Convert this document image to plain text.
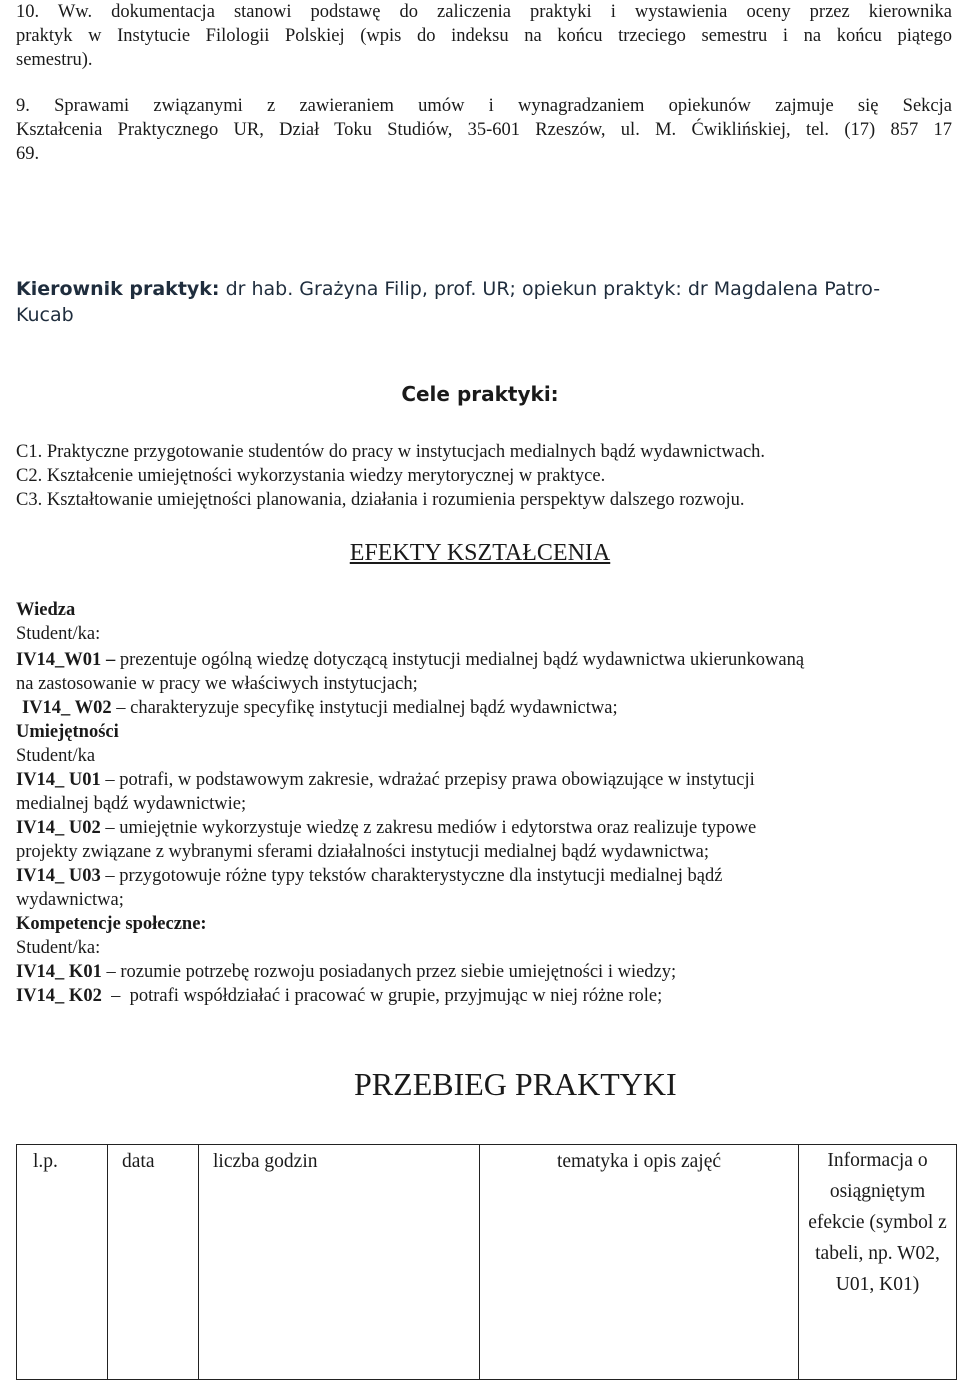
10. Ww. dokumentacja stanowi podstawę do zaliczenia praktyki i wystawienia oceny przez kierownika
praktyk w Instytucie Filologii Polskiej (wpis do indeksu na końcu trzeciego semestru i na końcu piątego
semestru).
9. Sprawami związanymi z zawieraniem umów i wynagradzaniem opiekunów zajmuje się Sekcja
Kształcenia Praktycznego UR, Dział Toku Studiów, 35-601 Rzeszów, ul. M. Ćwiklińskiej, tel. (17) 857 17
69.
Kierownik praktyk: dr hab. Grażyna Filip, prof. UR; opiekun praktyk: dr Magdalena Patro-
Kucab
Cele praktyki:
C1. Praktyczne przygotowanie studentów do pracy w instytucjach medialnych bądź wydawnictwach.
C2. Kształcenie umiejętności wykorzystania wiedzy merytorycznej w praktyce.
C3. Kształtowanie umiejętności planowania, działania i rozumienia perspektyw dalszego rozwoju.
EFEKTY KSZTAŁCENIA
Wiedza
Student/ka:
IV14_W01 – prezentuje ogólną wiedzę dotyczącą instytucji medialnej bądź wydawnictwa ukierunkowaną
na zastosowanie w pracy we właściwych instytucjach;
IV14_ W02 – charakteryzuje specyfikę instytucji medialnej bądź wydawnictwa;
Umiejętności
Student/ka
IV14_ U01 – potrafi, w podstawowym zakresie, wdrażać przepisy prawa obowiązujące w instytucji
medialnej bądź wydawnictwie;
IV14_ U02 – umiejętnie wykorzystuje wiedzę z zakresu mediów i edytorstwa oraz realizuje typowe
projekty związane z wybranymi sferami działalności instytucji medialnej bądź wydawnictwa;
IV14_ U03 – przygotowuje różne typy tekstów charakterystyczne dla instytucji medialnej bądź
wydawnictwa;
Kompetencje społeczne:
Student/ka:
IV14_ K01 – rozumie potrzebę rozwoju posiadanych przez siebie umiejętności i wiedzy;
IV14_ K02  –  potrafi współdziałać i pracować w grupie, przyjmując w niej różne role;
PRZEBIEG PRAKTYKI
l.p.	data	liczba godzin	tematyka i opis zajęć	Informacja o osiągniętym efekcie (symbol z tabeli, np. W02, U01, K01)
